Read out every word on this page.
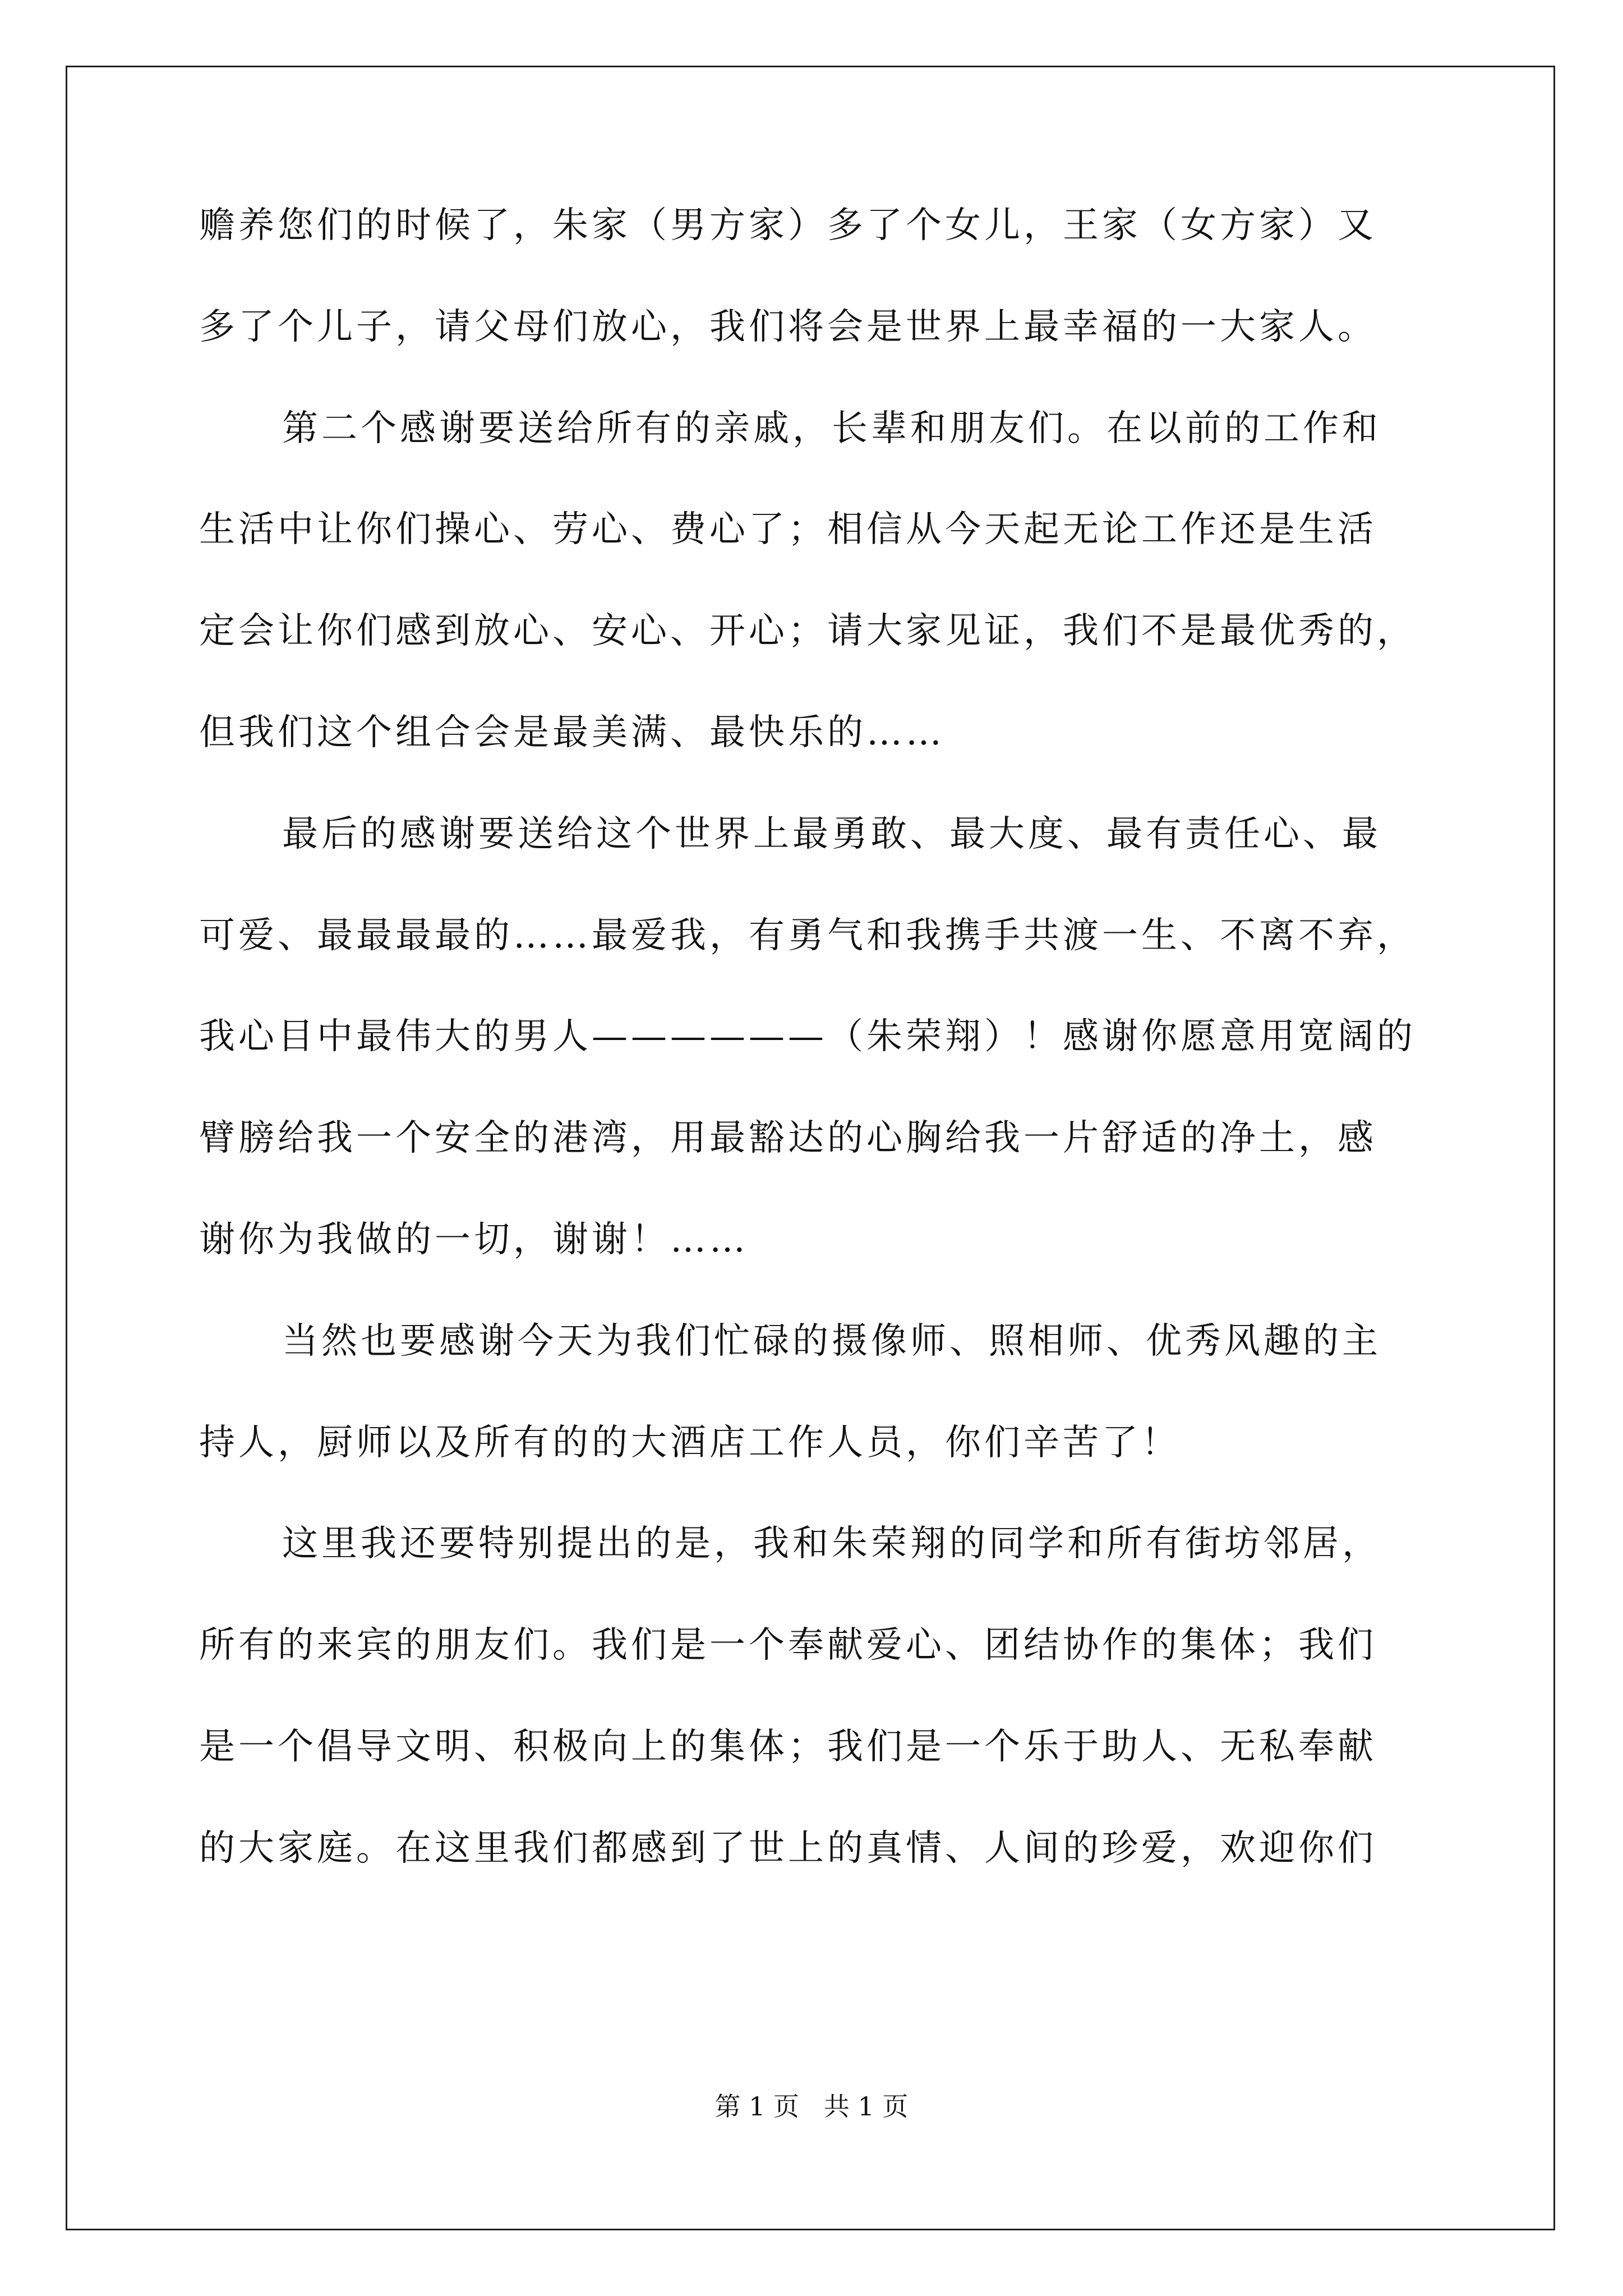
赡养您们的时候了，朱家（男方家）多了个女儿，王家（女方家）又
多了个儿子，请父母们放心，我们将会是世界上最幸福的一大家人。
第二个感谢要送给所有的亲戚，长辈和朋友们。在以前的工作和
生活中让你们操心、劳心、费心了；相信从今天起无论工作还是生活
定会让你们感到放心、安心、开心；请大家见证，我们不是最优秀的，
但我们这个组合会是最美满、最快乐的……
最后的感谢要送给这个世界上最勇敢、最大度、最有责任心、最
可爱、最最最最的……最爱我，有勇气和我携手共渡一生、不离不弃，
我心目中最伟大的男人——————（朱荣翔）！感谢你愿意用宽阔的
臂膀给我一个安全的港湾，用最豁达的心胸给我一片舒适的净土，感
谢你为我做的一切，谢谢！……
当然也要感谢今天为我们忙碌的摄像师、照相师、优秀风趣的主
持人，厨师以及所有的的大酒店工作人员，你们辛苦了！
这里我还要特别提出的是，我和朱荣翔的同学和所有街坊邻居，
所有的来宾的朋友们。我们是一个奉献爱心、团结协作的集体；我们
是一个倡导文明、积极向上的集体；我们是一个乐于助人、无私奉献
的大家庭。在这里我们都感到了世上的真情、人间的珍爱，欢迎你们
第 1 页   共 1 页
